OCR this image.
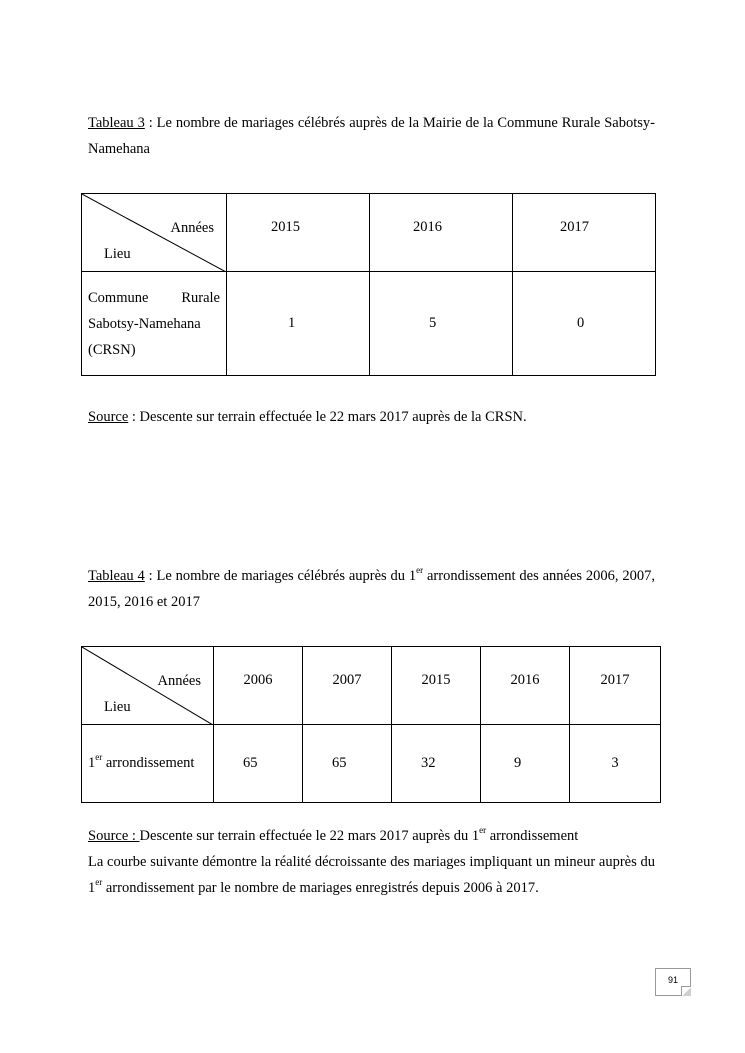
Tableau 3 : Le nombre de mariages célébrés auprès de la Mairie de la Commune Rurale Sabotsy-Namehana
Années
Lieu	2015	2016	2017

Commune Rurale
Sabotsy-Namehana
(CRSN)	1	5	0
Source : Descente sur terrain effectuée le 22 mars 2017 auprès de la CRSN.
Tableau 4 : Le nombre de mariages célébrés auprès du 1er arrondissement des années 2006, 2007, 2015, 2016 et 2017
Années
Lieu	2006	2007	2015	2016	2017
1er arrondissement	65	65	32	9	3
Source : Descente sur terrain effectuée le 22 mars 2017 auprès du 1er arrondissement
La courbe suivante démontre la réalité décroissante des mariages impliquant un mineur auprès du 1er arrondissement par le nombre de mariages enregistrés depuis 2006 à 2017.
91
